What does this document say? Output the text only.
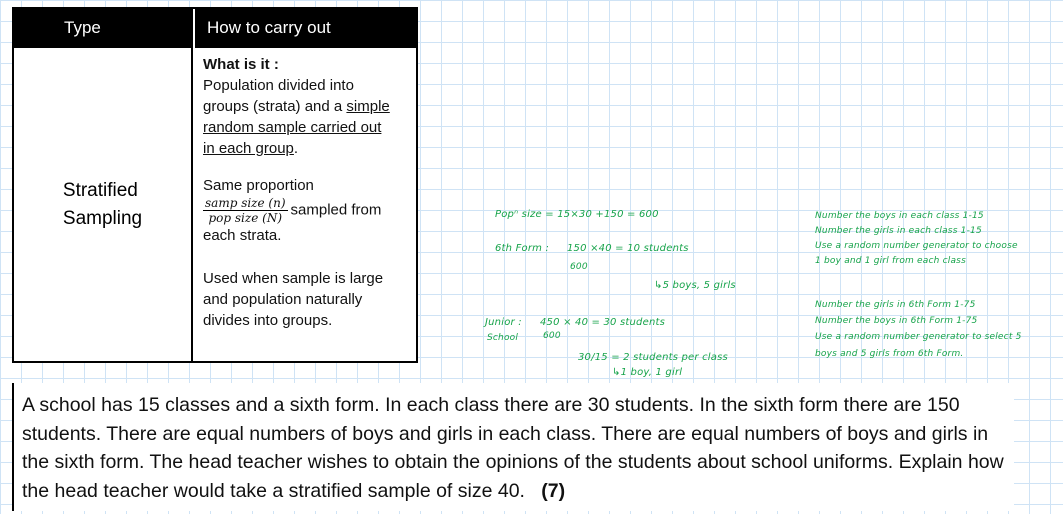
Type	How to carry out
Stratified
Sampling
What is it :
Population divided into
groups (strata) and a simple
random sample carried out
in each group.
Same proportion
$\frac{\text{samp size (n)}}{\text{pop size (N)}}$ sampled from
each strata.
Used when sample is large
and population naturally
divides into groups.
Popⁿ size = 15×30 +150 = 600
6th Form : 150 ×40 = 10 students
600
↳5 boys, 5 girls
Junior : 450 × 40 = 30 students
School	600
30/15 = 2 students per class
↳1 boy, 1 girl
Number the boys in each class 1-15
Number the girls in each class 1-15
Use a random number generator to choose
1 boy and 1 girl from each class
Number the girls in 6th Form 1-75
Number the boys in 6th Form 1-75
Use a random number generator to select 5
boys and 5 girls from 6th Form.

A school has 15 classes and a sixth form. In each class there are 30 students. In the sixth form there are 150 students. There are equal numbers of boys and girls in each class. There are equal numbers of boys and girls in the sixth form. The head teacher wishes to obtain the opinions of the students about school uniforms. Explain how the head teacher would take a stratified sample of size 40. (7)
